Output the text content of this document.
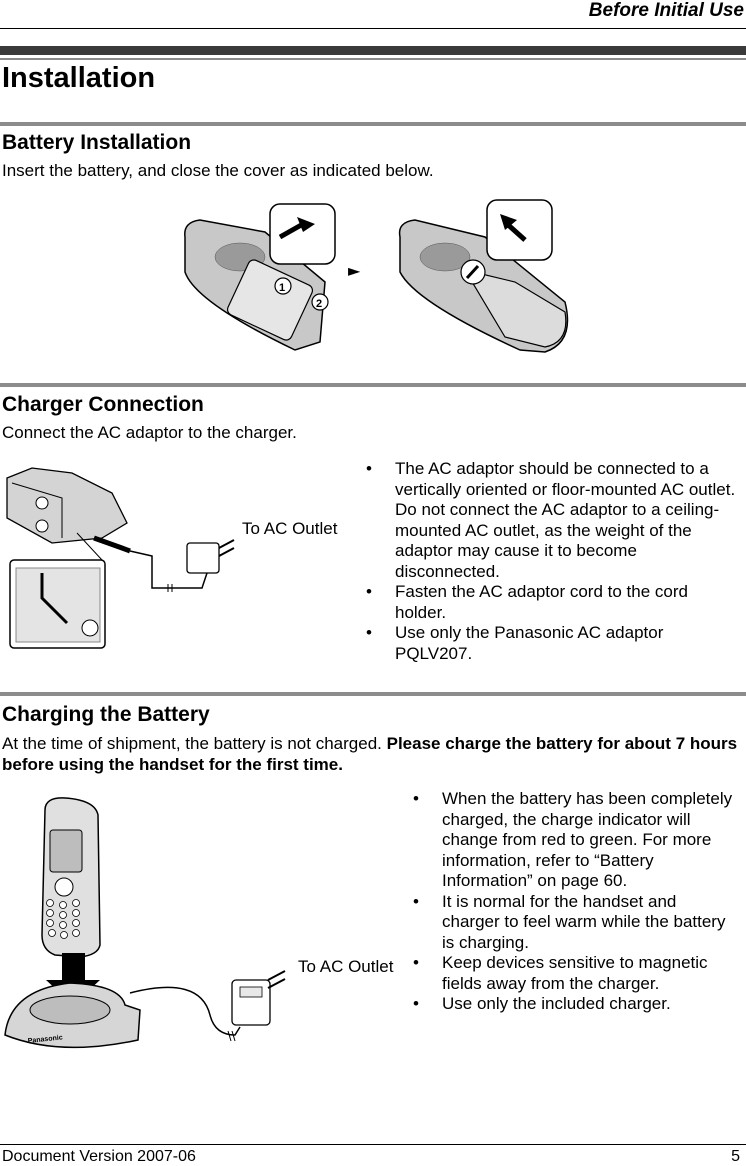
Before Initial Use
Installation
Battery Installation
Insert the battery, and close the cover as indicated below.
1
2
►
Charger Connection
Connect the AC adaptor to the charger.
To AC Outlet
•	The AC adaptor should be connected to a vertically oriented or floor-mounted AC outlet. Do not connect the AC adaptor to a ceiling-mounted AC outlet, as the weight of the adaptor may cause it to become disconnected.
•	Fasten the AC adaptor cord to the cord holder.
•	Use only the Panasonic AC adaptor PQLV207.
Charging the Battery
At the time of shipment, the battery is not charged. Please charge the battery for about 7 hours before using the handset for the first time.
Panasonic
To AC Outlet
•	When the battery has been completely charged, the charge indicator will change from red to green. For more information, refer to “Battery Information” on page 60.
•	It is normal for the handset and charger to feel warm while the battery is charging.
•	Keep devices sensitive to magnetic fields away from the charger.
•	Use only the included charger.
Document Version 2007-06	5
